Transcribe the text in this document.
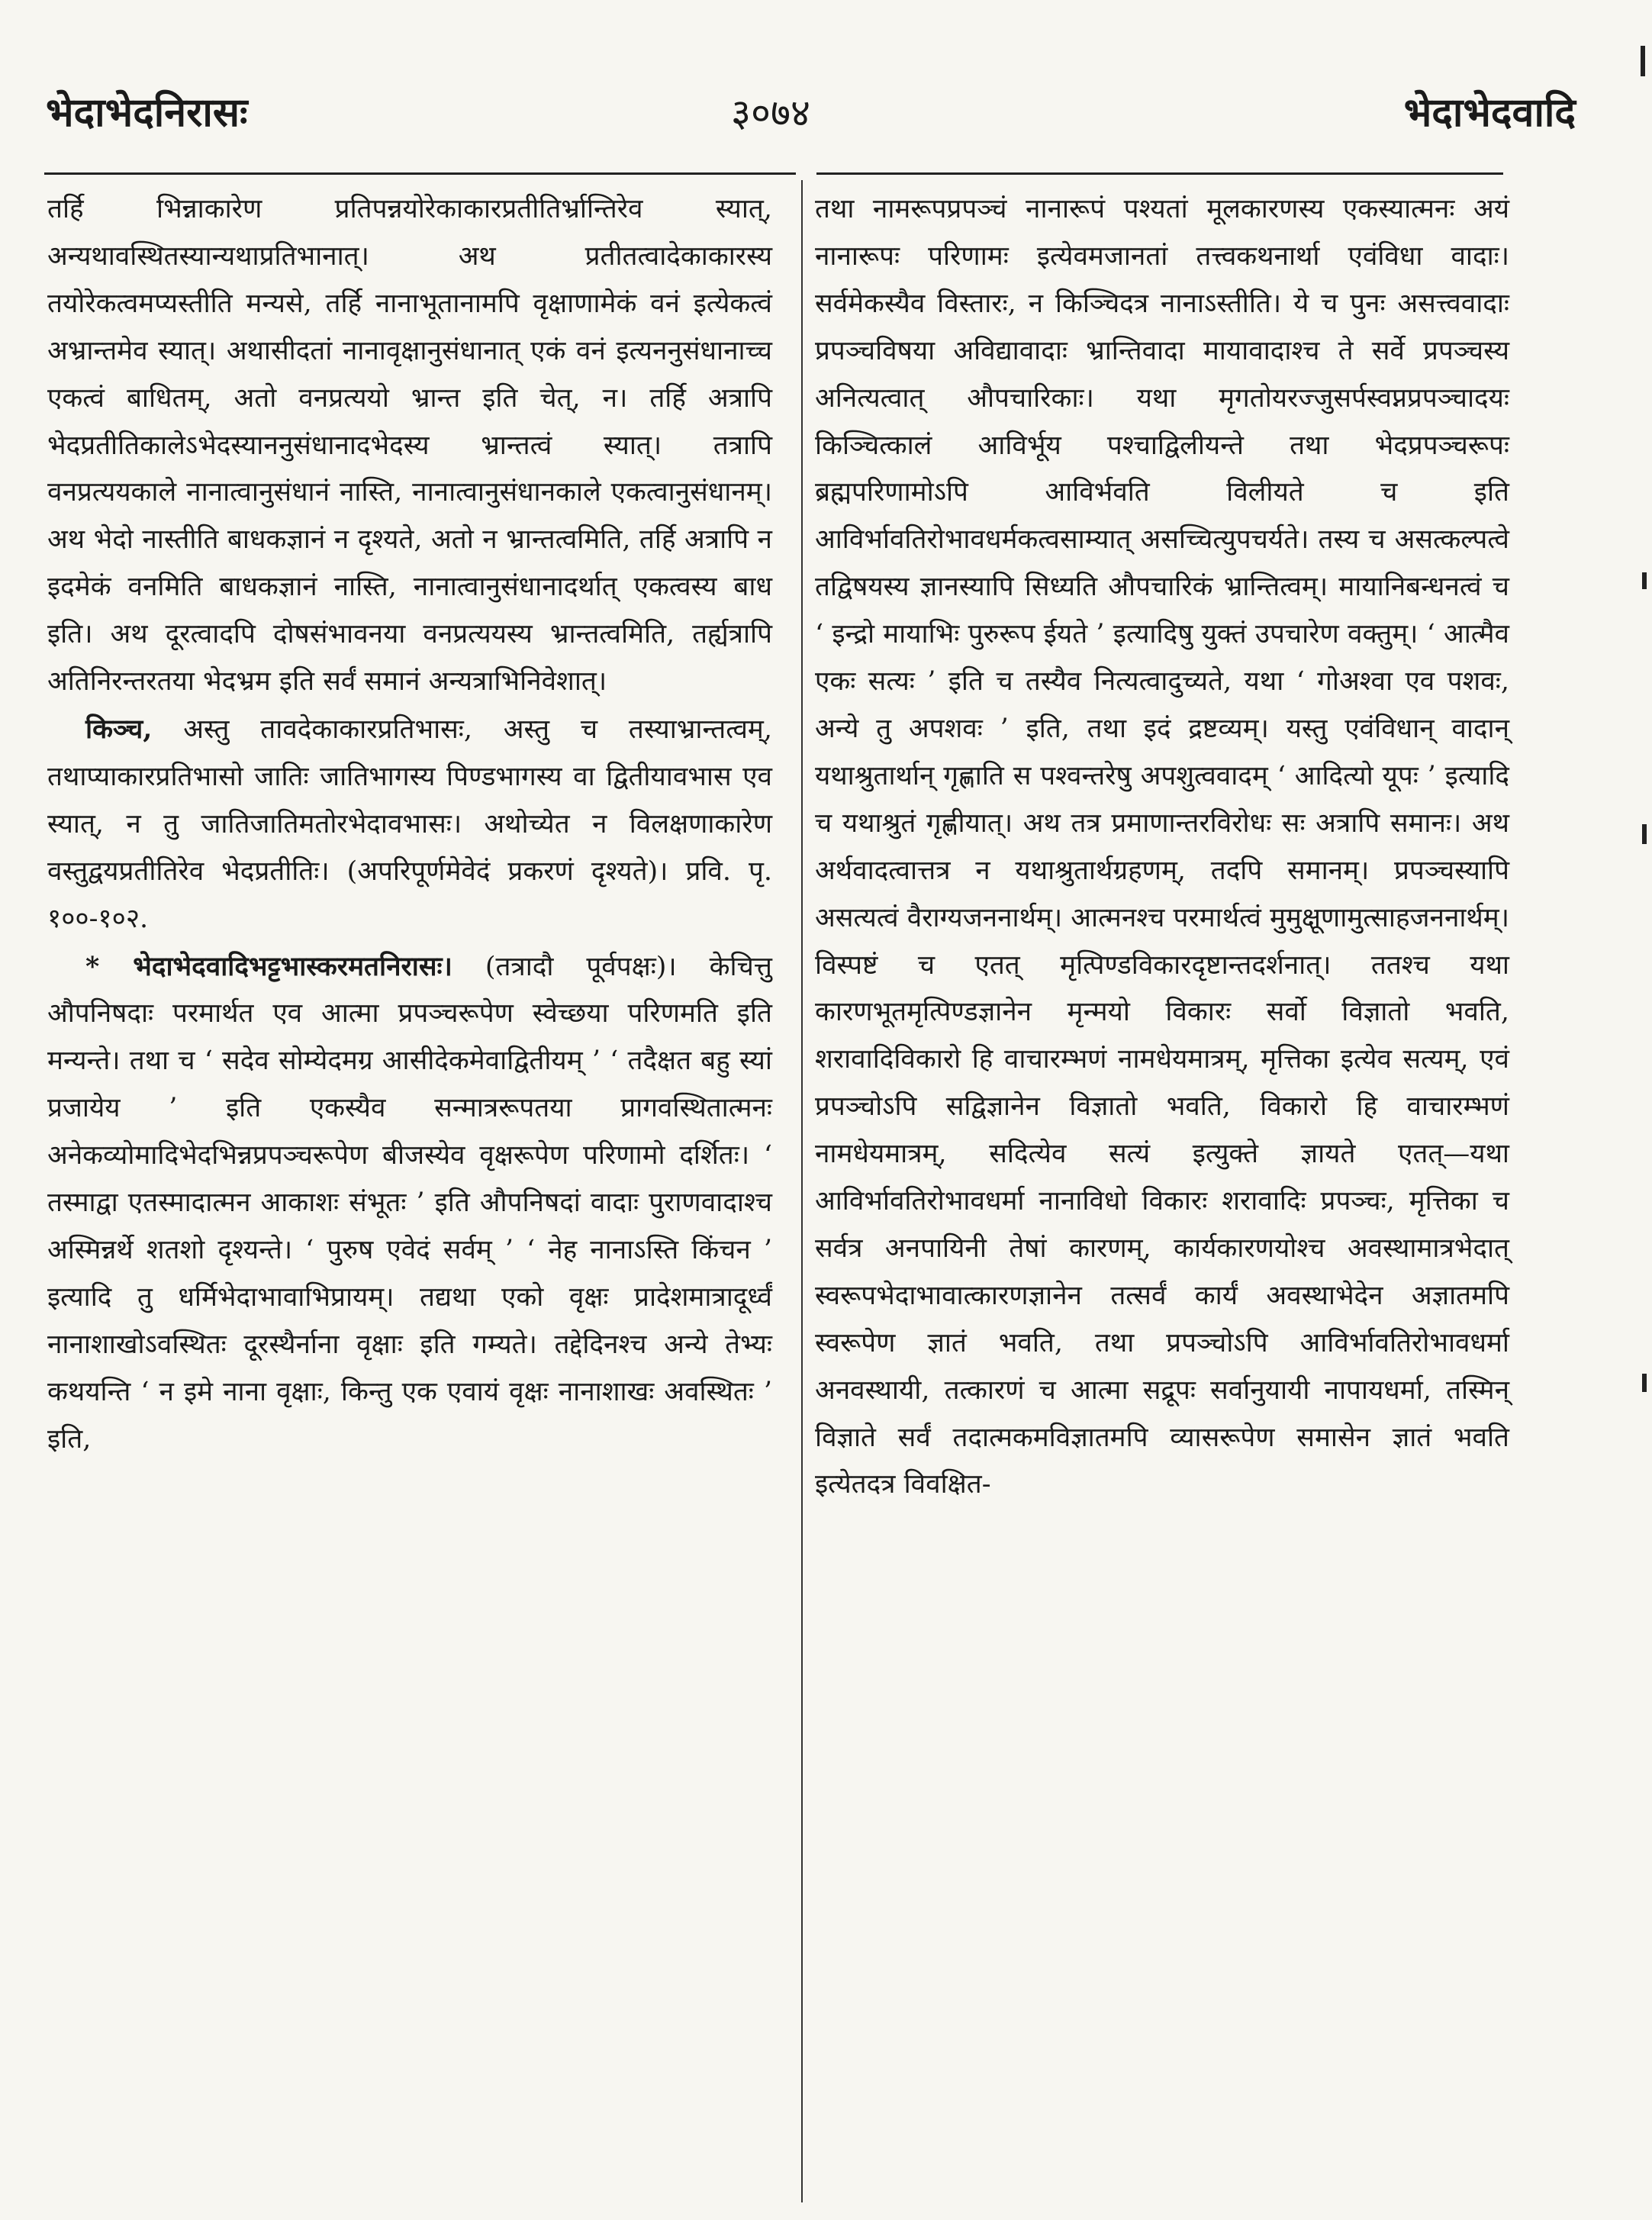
भेदाभेदनिरासः	३०७४	भेदाभेदवादि

तर्हि भिन्नाकारेण प्रतिपन्नयोरेकाकारप्रतीतिर्भ्रान्तिरेव स्यात्, अन्यथावस्थितस्यान्यथाप्रतिभानात्। अथ प्रतीतत्वादेकाकारस्य तयोरेकत्वमप्यस्तीति मन्यसे, तर्हि नानाभूतानामपि वृक्षाणामेकं वनं इत्येकत्वं अभ्रान्तमेव स्यात्। अथासीदतां नानावृक्षानुसंधानात् एकं वनं इत्यननुसंधानाच्च एकत्वं बाधितम्, अतो वनप्रत्ययो भ्रान्त इति चेत्, न। तर्हि अत्रापि भेदप्रतीतिकालेऽभेदस्याननुसंधानादभेदस्य भ्रान्तत्वं स्यात्। तत्रापि वनप्रत्ययकाले नानात्वानुसंधानं नास्ति, नानात्वानुसंधानकाले एकत्वानुसंधानम्। अथ भेदो नास्तीति बाधकज्ञानं न दृश्यते, अतो न भ्रान्तत्वमिति, तर्हि अत्रापि न इदमेकं वनमिति बाधकज्ञानं नास्ति, नानात्वानुसंधानादर्थात् एकत्वस्य बाध इति। अथ दूरत्वादपि दोषसंभावनया वनप्रत्ययस्य भ्रान्तत्वमिति, तर्ह्यत्रापि अतिनिरन्तरतया भेदभ्रम इति सर्वं समानं अन्यत्राभिनिवेशात्।

किञ्च, अस्तु तावदेकाकारप्रतिभासः, अस्तु च तस्याभ्रान्तत्वम्, तथाप्याकारप्रतिभासो जातिः जातिभागस्य पिण्डभागस्य वा द्वितीयावभास एव स्यात्, न तु जातिजातिमतोरभेदावभासः। अथोच्येत न विलक्षणाकारेण वस्तुद्वयप्रतीतिरेव भेदप्रतीतिः। (अपरिपूर्णमेवेदं प्रकरणं दृश्यते)। प्रवि. पृ. १००-१०२.

* भेदाभेदवादिभट्टभास्करमतनिरासः। (तत्रादौ पूर्वपक्षः)। केचित्तु औपनिषदाः परमार्थत एव आत्मा प्रपञ्चरूपेण स्वेच्छया परिणमति इति मन्यन्ते। तथा च ‘ सदेव सोम्येदमग्र आसीदेकमेवाद्वितीयम् ’ ‘ तदैक्षत बहु स्यां प्रजायेय ’ इति एकस्यैव सन्मात्ररूपतया प्रागवस्थितात्मनः अनेकव्योमादिभेदभिन्नप्रपञ्चरूपेण बीजस्येव वृक्षरूपेण परिणामो दर्शितः। ‘ तस्माद्वा एतस्मादात्मन आकाशः संभूतः ’ इति औपनिषदां वादाः पुराणवादाश्च अस्मिन्नर्थे शतशो दृश्यन्ते। ‘ पुरुष एवेदं सर्वम् ’ ‘ नेह नानाऽस्ति किंचन ’ इत्यादि तु धर्मिभेदाभावाभिप्रायम्। तद्यथा एको वृक्षः प्रादेशमात्रादूर्ध्वं नानाशाखोऽवस्थितः दूरस्थैर्नाना वृक्षाः इति गम्यते। तद्देदिनश्च अन्ये तेभ्यः कथयन्ति ‘ न इमे नाना वृक्षाः, किन्तु एक एवायं वृक्षः नानाशाखः अवस्थितः ’ इति,

तथा नामरूपप्रपञ्चं नानारूपं पश्यतां मूलकारणस्य एकस्यात्मनः अयं नानारूपः परिणामः इत्येवमजानतां तत्त्वकथनार्था एवंविधा वादाः। सर्वमेकस्यैव विस्तारः, न किञ्चिदत्र नानाऽस्तीति। ये च पुनः असत्त्ववादाः प्रपञ्चविषया अविद्यावादाः भ्रान्तिवादा मायावादाश्च ते सर्वे प्रपञ्चस्य अनित्यत्वात् औपचारिकाः। यथा मृगतोयरज्जुसर्पस्वप्नप्रपञ्चादयः किञ्चित्कालं आविर्भूय पश्चाद्विलीयन्ते तथा भेदप्रपञ्चरूपः ब्रह्मपरिणामोऽपि आविर्भवति विलीयते च इति आविर्भावतिरोभावधर्मकत्वसाम्यात् असच्चित्युपचर्यते। तस्य च असत्कल्पत्वे तद्विषयस्य ज्ञानस्यापि सिध्यति औपचारिकं भ्रान्तित्वम्। मायानिबन्धनत्वं च ‘ इन्द्रो मायाभिः पुरुरूप ईयते ’ इत्यादिषु युक्तं उपचारेण वक्तुम्। ‘ आत्मैव एकः सत्यः ’ इति च तस्यैव नित्यत्वादुच्यते, यथा ‘ गोअश्वा एव पशवः, अन्ये तु अपशवः ’ इति, तथा इदं द्रष्टव्यम्। यस्तु एवंविधान् वादान् यथाश्रुतार्थान् गृह्णाति स पश्वन्तरेषु अपशुत्ववादम् ‘ आदित्यो यूपः ’ इत्यादि च यथाश्रुतं गृह्णीयात्। अथ तत्र प्रमाणान्तरविरोधः सः अत्रापि समानः। अथ अर्थवादत्वात्तत्र न यथाश्रुतार्थग्रहणम्, तदपि समानम्। प्रपञ्चस्यापि असत्यत्वं वैराग्यजननार्थम्। आत्मनश्च परमार्थत्वं मुमुक्षूणामुत्साहजननार्थम्। विस्पष्टं च एतत् मृत्पिण्डविकारदृष्टान्तदर्शनात्। ततश्च यथा कारणभूतमृत्पिण्डज्ञानेन मृन्मयो विकारः सर्वो विज्ञातो भवति, शरावादिविकारो हि वाचारम्भणं नामधेयमात्रम्, मृत्तिका इत्येव सत्यम्, एवं प्रपञ्चोऽपि सद्विज्ञानेन विज्ञातो भवति, विकारो हि वाचारम्भणं नामधेयमात्रम्, सदित्येव सत्यं इत्युक्ते ज्ञायते एतत्—यथा आविर्भावतिरोभावधर्मा नानाविधो विकारः शरावादिः प्रपञ्चः, मृत्तिका च सर्वत्र अनपायिनी तेषां कारणम्, कार्यकारणयोश्च अवस्थामात्रभेदात् स्वरूपभेदाभावात्कारणज्ञानेन तत्सर्वं कार्यं अवस्थाभेदेन अज्ञातमपि स्वरूपेण ज्ञातं भवति, तथा प्रपञ्चोऽपि आविर्भावतिरोभावधर्मा अनवस्थायी, तत्कारणं च आत्मा सद्रूपः सर्वानुयायी नापायधर्मा, तस्मिन् विज्ञाते सर्वं तदात्मकमविज्ञातमपि व्यासरूपेण समासेन ज्ञातं भवति इत्येतदत्र विवक्षित-
